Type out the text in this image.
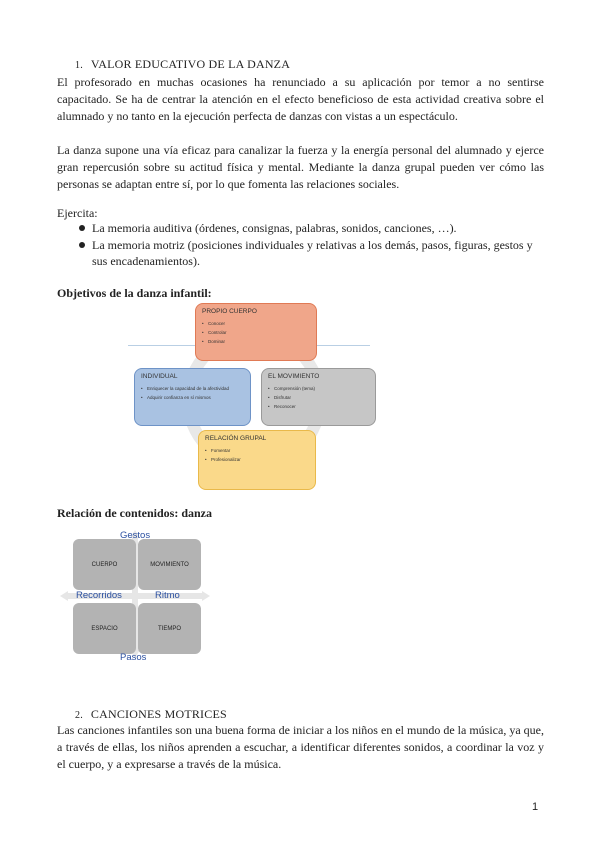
1. VALOR EDUCATIVO DE LA DANZA
El profesorado en muchas ocasiones ha renunciado a su aplicación por temor a no sentirse capacitado. Se ha de centrar la atención en el efecto beneficioso de esta actividad creativa sobre el alumnado y no tanto en la ejecución perfecta de danzas con vistas a un espectáculo.
La danza supone una vía eficaz para canalizar la fuerza y la energía personal del alumnado y ejerce gran repercusión sobre su actitud física y mental. Mediante la danza grupal pueden ver cómo las personas se adaptan entre sí, por lo que fomenta las relaciones sociales.
Ejercita:
La memoria auditiva (órdenes, consignas, palabras, sonidos, canciones, …).
La memoria motriz (posiciones individuales y relativas a los demás, pasos, figuras, gestos y sus encadenamientos).
Objetivos de la danza infantil:
PROPIO CUERPO
• Conocer
• Controlar
• Dominar
INDIVIDUAL
• Enriquecer la capacidad de la afectividad
• Adquirir confianza en sí mismos
EL MOVIMIENTO
• Comprensión (tema)
• Disfrutar
• Reconocer
RELACIÓN GRUPAL
• Fomentar
• Profesionalizar
Relación de contenidos: danza
CUERPO	MOVIMIENTO
ESPACIO	TIEMPO
Gestos
Pasos
Recorridos	Ritmo
2. CANCIONES MOTRICES
Las canciones infantiles son una buena forma de iniciar a los niños en el mundo de la música, ya que, a través de ellas, los niños aprenden a escuchar, a identificar diferentes sonidos, a coordinar la voz y el cuerpo, y a expresarse a través de la música.
1
